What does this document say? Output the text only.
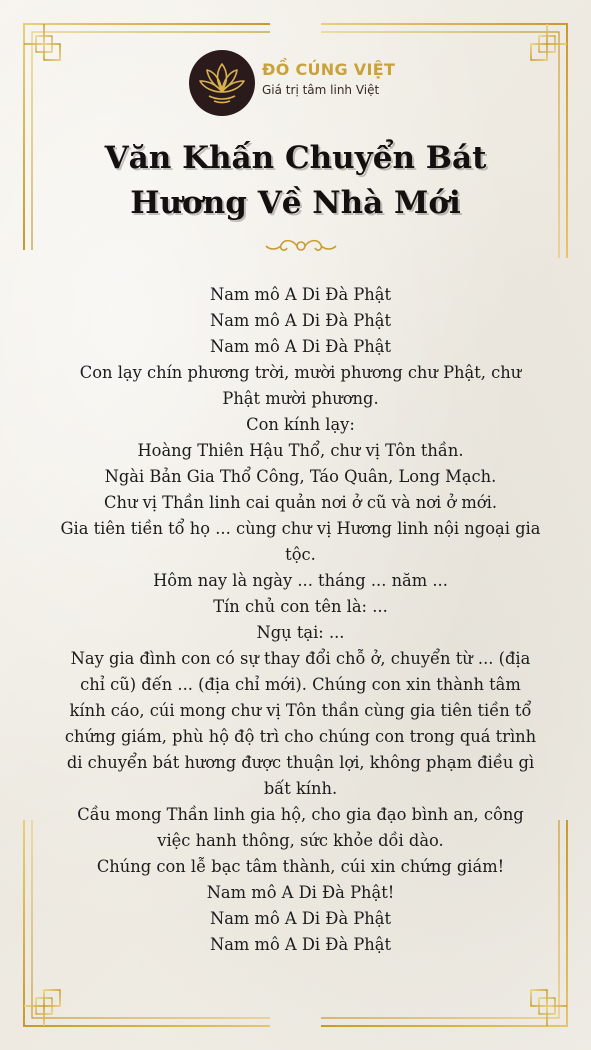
ĐỒ CÚNG VIỆT
Giá trị tâm linh Việt
Văn Khấn Chuyển Bát
Hương Về Nhà Mới
Nam mô A Di Đà Phật
Nam mô A Di Đà Phật
Nam mô A Di Đà Phật
Con lạy chín phương trời, mười phương chư Phật, chư Phật mười phương.
Con kính lạy:
Hoàng Thiên Hậu Thổ, chư vị Tôn thần.
Ngài Bản Gia Thổ Công, Táo Quân, Long Mạch.
Chư vị Thần linh cai quản nơi ở cũ và nơi ở mới.
Gia tiên tiền tổ họ ... cùng chư vị Hương linh nội ngoại gia tộc.
Hôm nay là ngày ... tháng ... năm ...
Tín chủ con tên là: ...
Ngụ tại: ...
Nay gia đình con có sự thay đổi chỗ ở, chuyển từ ... (địa chỉ cũ) đến ... (địa chỉ mới). Chúng con xin thành tâm kính cáo, cúi mong chư vị Tôn thần cùng gia tiên tiền tổ chứng giám, phù hộ độ trì cho chúng con trong quá trình di chuyển bát hương được thuận lợi, không phạm điều gì bất kính.
Cầu mong Thần linh gia hộ, cho gia đạo bình an, công việc hanh thông, sức khỏe dồi dào.
Chúng con lễ bạc tâm thành, cúi xin chứng giám!
Nam mô A Di Đà Phật!
Nam mô A Di Đà Phật
Nam mô A Di Đà Phật
